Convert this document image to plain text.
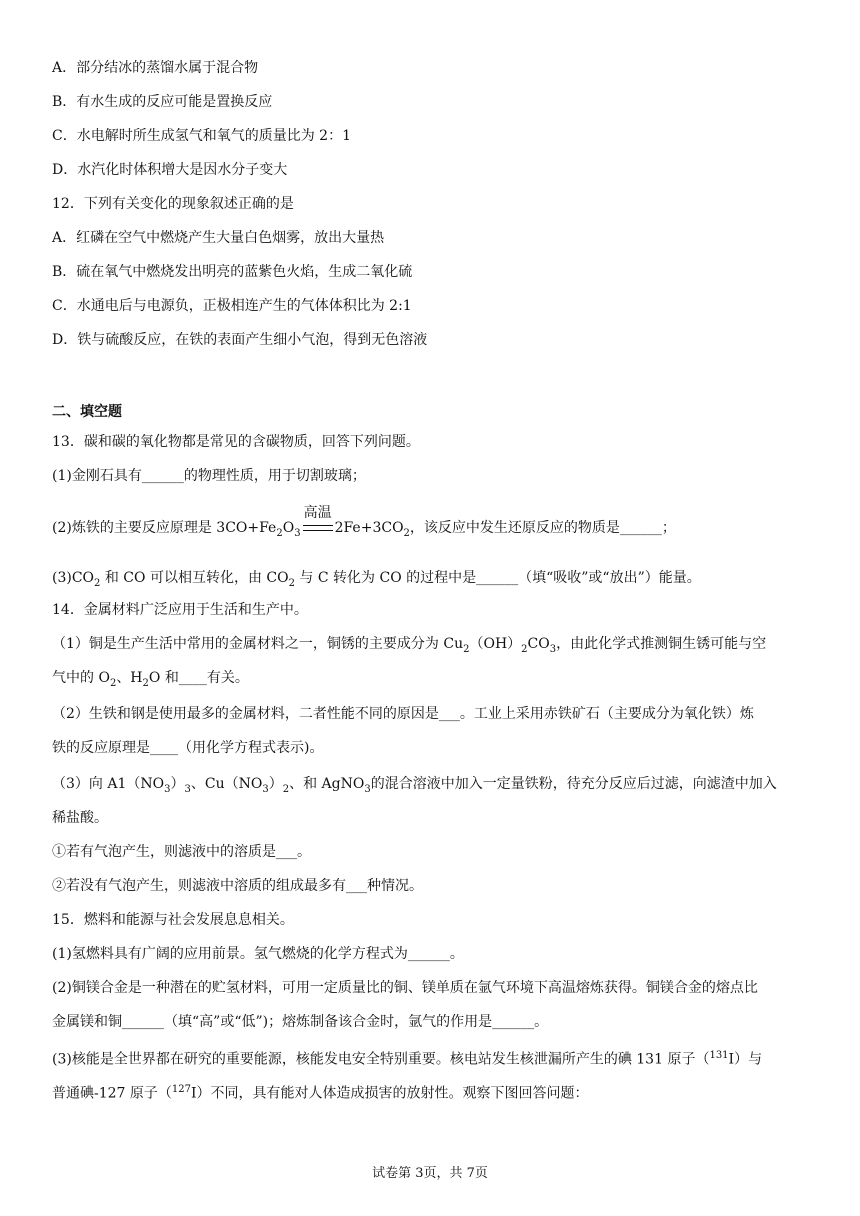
A．部分结冰的蒸馏水属于混合物
B．有水生成的反应可能是置换反应
C．水电解时所生成氢气和氧气的质量比为 2：1
D．水汽化时体积增大是因水分子变大
12．下列有关变化的现象叙述正确的是
A．红磷在空气中燃烧产生大量白色烟雾，放出大量热
B．硫在氧气中燃烧发出明亮的蓝紫色火焰，生成二氧化硫
C．水通电后与电源负，正极相连产生的气体体积比为 2:1
D．铁与硫酸反应，在铁的表面产生细小气泡，得到无色溶液
二、填空题
13．碳和碳的氧化物都是常见的含碳物质，回答下列问题。
(1)金刚石具有______的物理性质，用于切割玻璃；
(2)炼铁的主要反应原理是 $3CO+Fe_2O_3$
高温
$2Fe+3CO_2$，该反应中发生还原反应的物质是______；
$(3)CO_2$ 和 CO 可以相互转化，由 $CO_2$ 与 C 转化为 CO 的过程中是______（填“吸收”或“放出”）能量。
14．金属材料广泛应用于生活和生产中。
（1）铜是生产生活中常用的金属材料之一，铜锈的主要成分为 $Cu_2(OH)_2CO_3$，由此化学式推测铜生锈可能与空
气中的 $O_2$、$H_2O$ 和____有关。
（2）生铁和钢是使用最多的金属材料，二者性能不同的原因是___。工业上采用赤铁矿石（主要成分为氧化铁）炼
铁的反应原理是____（用化学方程式表示)。
（3）向 $A1(NO_3)_3$、$Cu(NO_3)_2$、和 AgNO$_3$的混合溶液中加入一定量铁粉，待充分反应后过滤，向滤渣中加入
稀盐酸。
①若有气泡产生，则滤液中的溶质是___。
②若没有气泡产生，则滤液中溶质的组成最多有___种情况。
15．燃料和能源与社会发展息息相关。
(1)氢燃料具有广阔的应用前景。氢气燃烧的化学方程式为______。
(2)铜镁合金是一种潜在的贮氢材料，可用一定质量比的铜、镁单质在氩气环境下高温熔炼获得。铜镁合金的熔点比
金属镁和铜______（填“高”或“低”)；熔炼制备该合金时，氩气的作用是______。
(3)核能是全世界都在研究的重要能源，核能发电安全特别重要。核电站发生核泄漏所产生的碘 131 原子（$^{131}$I）与
普通碘-127 原子（$^{127}$I）不同，具有能对人体造成损害的放射性。观察下图回答问题：
试卷第 3页，共 7页
